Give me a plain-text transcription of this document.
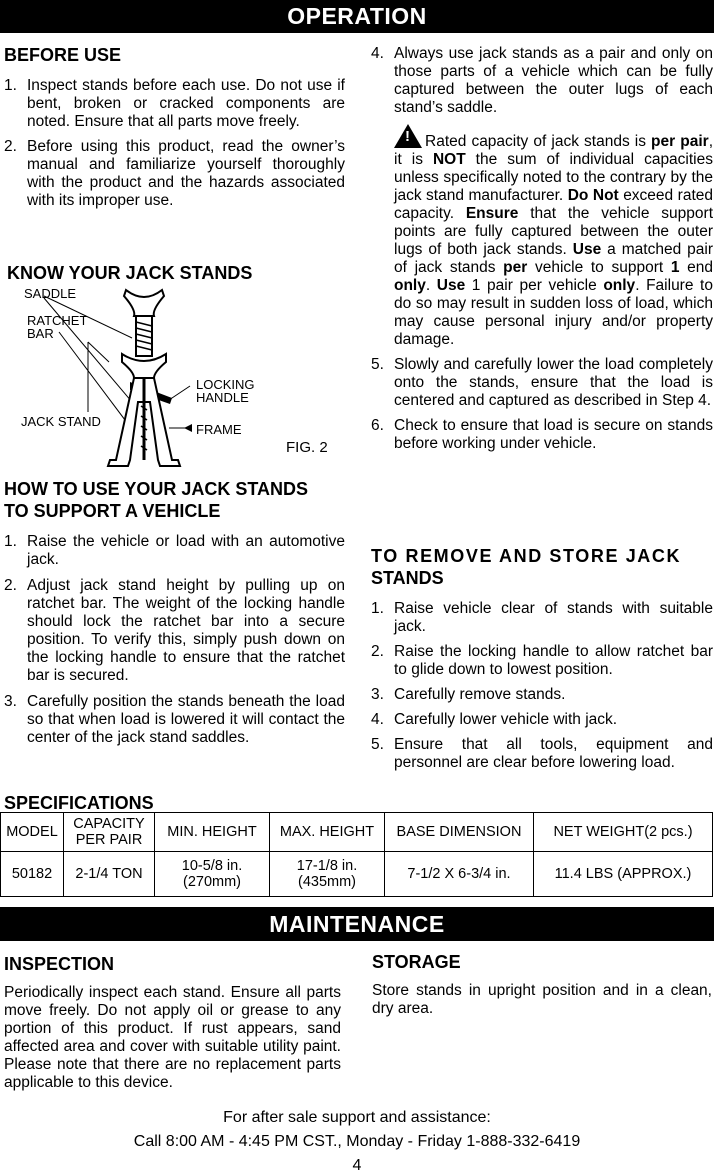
OPERATION
BEFORE USE
1. Inspect stands before each use. Do not use if bent, broken or cracked components are noted. Ensure that all parts move freely.
2. Before using this product, read the owner’s manual and familiarize yourself thoroughly with the product and the hazards associated with its improper use.
KNOW YOUR JACK STANDS
SADDLE
RATCHET
BAR
LOCKING
HANDLE
JACK STAND
FRAME
FIG. 2
HOW TO USE YOUR JACK STANDS
TO SUPPORT A VEHICLE
1. Raise the vehicle or load with an automotive jack.
2. Adjust jack stand height by pulling up on ratchet bar. The weight of the locking handle should lock the ratchet bar into a secure position. To verify this, simply push down on the locking handle to ensure that the ratchet bar is secured.
3. Carefully position the stands beneath the load so that when load is lowered it will contact the center of the jack stand saddles.
4. Always use jack stands as a pair and only on those parts of a vehicle which can be fully captured between the outer lugs of each stand’s saddle.
! Rated capacity of jack stands is per pair, it is NOT the sum of individual capacities unless specifically noted to the contrary by the jack stand manufacturer. Do Not exceed rated capacity. Ensure that the vehicle support points are fully captured between the outer lugs of both jack stands. Use a matched pair of jack stands per vehicle to support 1 end only. Use 1 pair per vehicle only. Failure to do so may result in sudden loss of load, which may cause personal injury and/or property damage.
5. Slowly and carefully lower the load completely onto the stands, ensure that the load is centered and captured as described in Step 4.
6. Check to ensure that load is secure on stands before working under vehicle.
TO REMOVE AND STORE JACK
STANDS
1. Raise vehicle clear of stands with suitable jack.
2. Raise the locking handle to allow ratchet bar to glide down to lowest position.
3. Carefully remove stands.
4. Carefully lower vehicle with jack.
5. Ensure that all tools, equipment and personnel are clear before lowering load.
SPECIFICATIONS
MODEL	CAPACITY PER PAIR	MIN. HEIGHT	MAX. HEIGHT	BASE DIMENSION	NET WEIGHT(2 pcs.)
50182	2-1/4 TON	10-5/8 in. (270mm)	17-1/8 in. (435mm)	7-1/2 X 6-3/4 in.	11.4 LBS (APPROX.)
MAINTENANCE
INSPECTION
Periodically inspect each stand. Ensure all parts move freely. Do not apply oil or grease to any portion of this product. If rust appears, sand affected area and cover with suitable utility paint. Please note that there are no replacement parts applicable to this device.
STORAGE
Store stands in upright position and in a clean, dry area.
For after sale support and assistance:
Call 8:00 AM - 4:45 PM CST., Monday - Friday 1-888-332-6419
4
